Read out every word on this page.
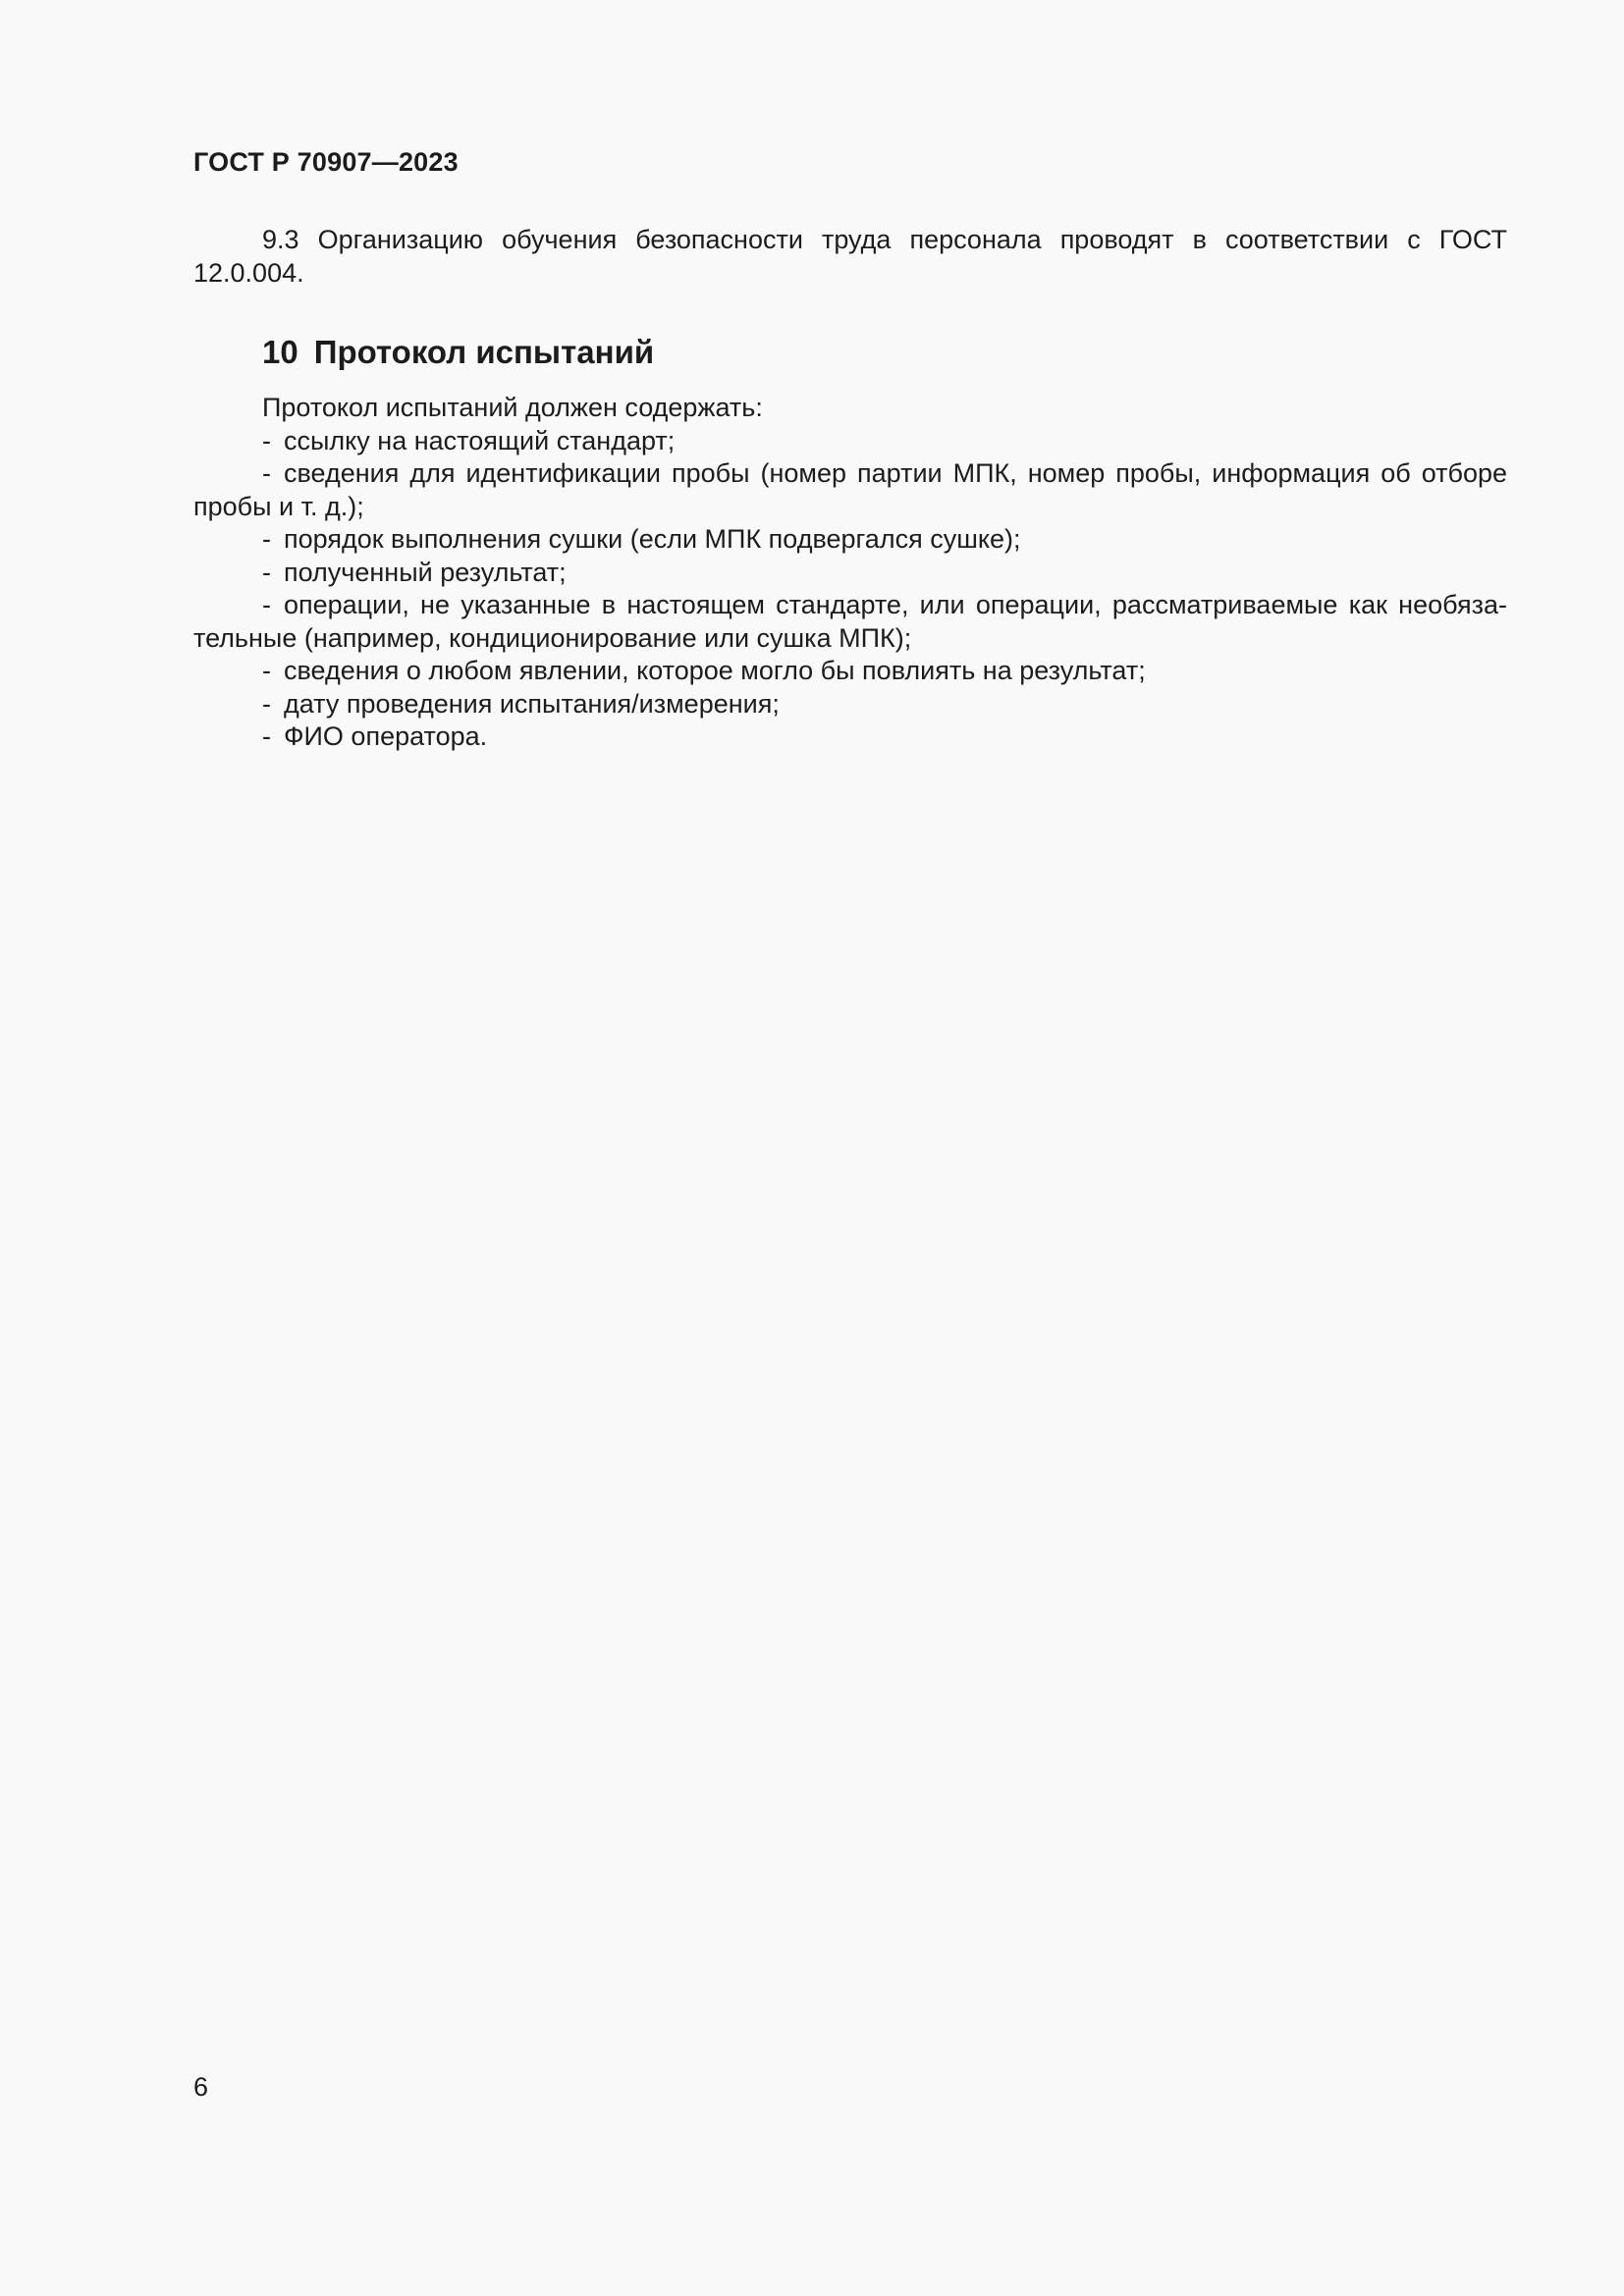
ГОСТ Р 70907—2023

9.3 Организацию обучения безопасности труда персонала проводят в соответствии с ГОСТ 12.0.004.

10 Протокол испытаний

Протокол испытаний должен содержать:

- ссылку на настоящий стандарт;
- сведения для идентификации пробы (номер партии МПК, номер пробы, информация об отборе пробы и т. д.);
- порядок выполнения сушки (если МПК подвергался сушке);
- полученный результат;
- операции, не указанные в настоящем стандарте, или операции, рассматриваемые как необяза-тельные (например, кондиционирование или сушка МПК);
- сведения о любом явлении, которое могло бы повлиять на результат;
- дату проведения испытания/измерения;
- ФИО оператора.

6
